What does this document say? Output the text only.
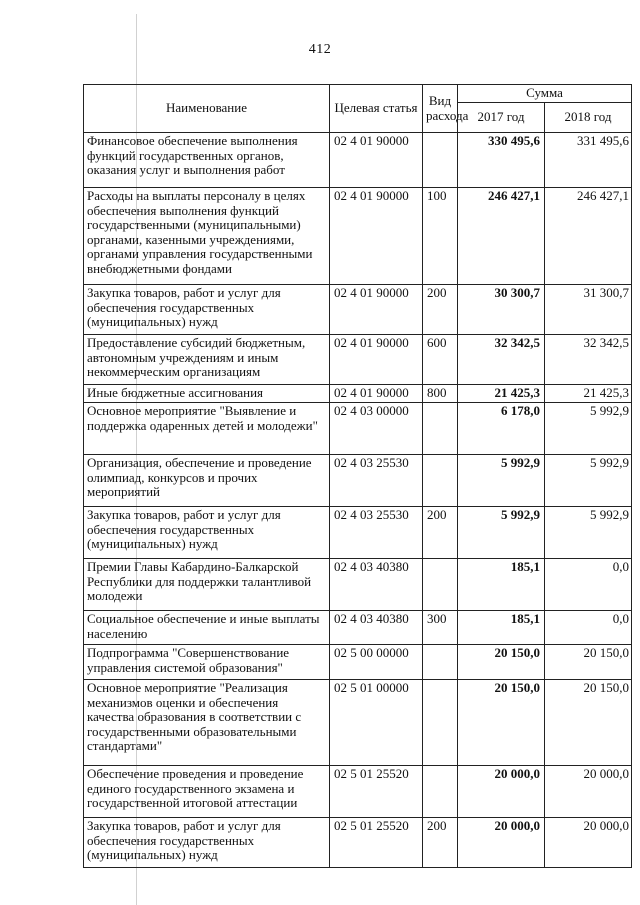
412
Наименование	Целевая статья	Вид расхода	Сумма	
			2017 год	2018 год
Финансовое обеспечение выполнения функций государственных органов, оказания услуг и выполнения работ	02 4 01 90000		330 495,6	331 495,6
Расходы на выплаты персоналу в целях обеспечения выполнения функций государственными (муниципальными) органами, казенными учреждениями, органами управления государственными внебюджетными фондами	02 4 01 90000	100	246 427,1	246 427,1
Закупка товаров, работ и услуг для обеспечения государственных (муниципальных) нужд	02 4 01 90000	200	30 300,7	31 300,7
Предоставление субсидий бюджетным, автономным учреждениям и иным некоммерческим организациям	02 4 01 90000	600	32 342,5	32 342,5
Иные бюджетные ассигнования	02 4 01 90000	800	21 425,3	21 425,3
Основное мероприятие "Выявление и поддержка одаренных детей и молодежи"	02 4 03 00000		6 178,0	5 992,9
Организация, обеспечение и проведение олимпиад, конкурсов и прочих мероприятий	02 4 03 25530		5 992,9	5 992,9
Закупка товаров, работ и услуг для обеспечения государственных (муниципальных) нужд	02 4 03 25530	200	5 992,9	5 992,9
Премии Главы Кабардино-Балкарской Республики для поддержки талантливой молодежи	02 4 03 40380		185,1	0,0
Социальное обеспечение и иные выплаты населению	02 4 03 40380	300	185,1	0,0
Подпрограмма "Совершенствование управления системой образования"	02 5 00 00000		20 150,0	20 150,0
Основное мероприятие "Реализация механизмов оценки и обеспечения качества образования в соответствии с государственными образовательными стандартами"	02 5 01 00000		20 150,0	20 150,0
Обеспечение проведения и проведение единого государственного экзамена и государственной итоговой аттестации	02 5 01 25520		20 000,0	20 000,0
Закупка товаров, работ и услуг для обеспечения государственных (муниципальных) нужд	02 5 01 25520	200	20 000,0	20 000,0
